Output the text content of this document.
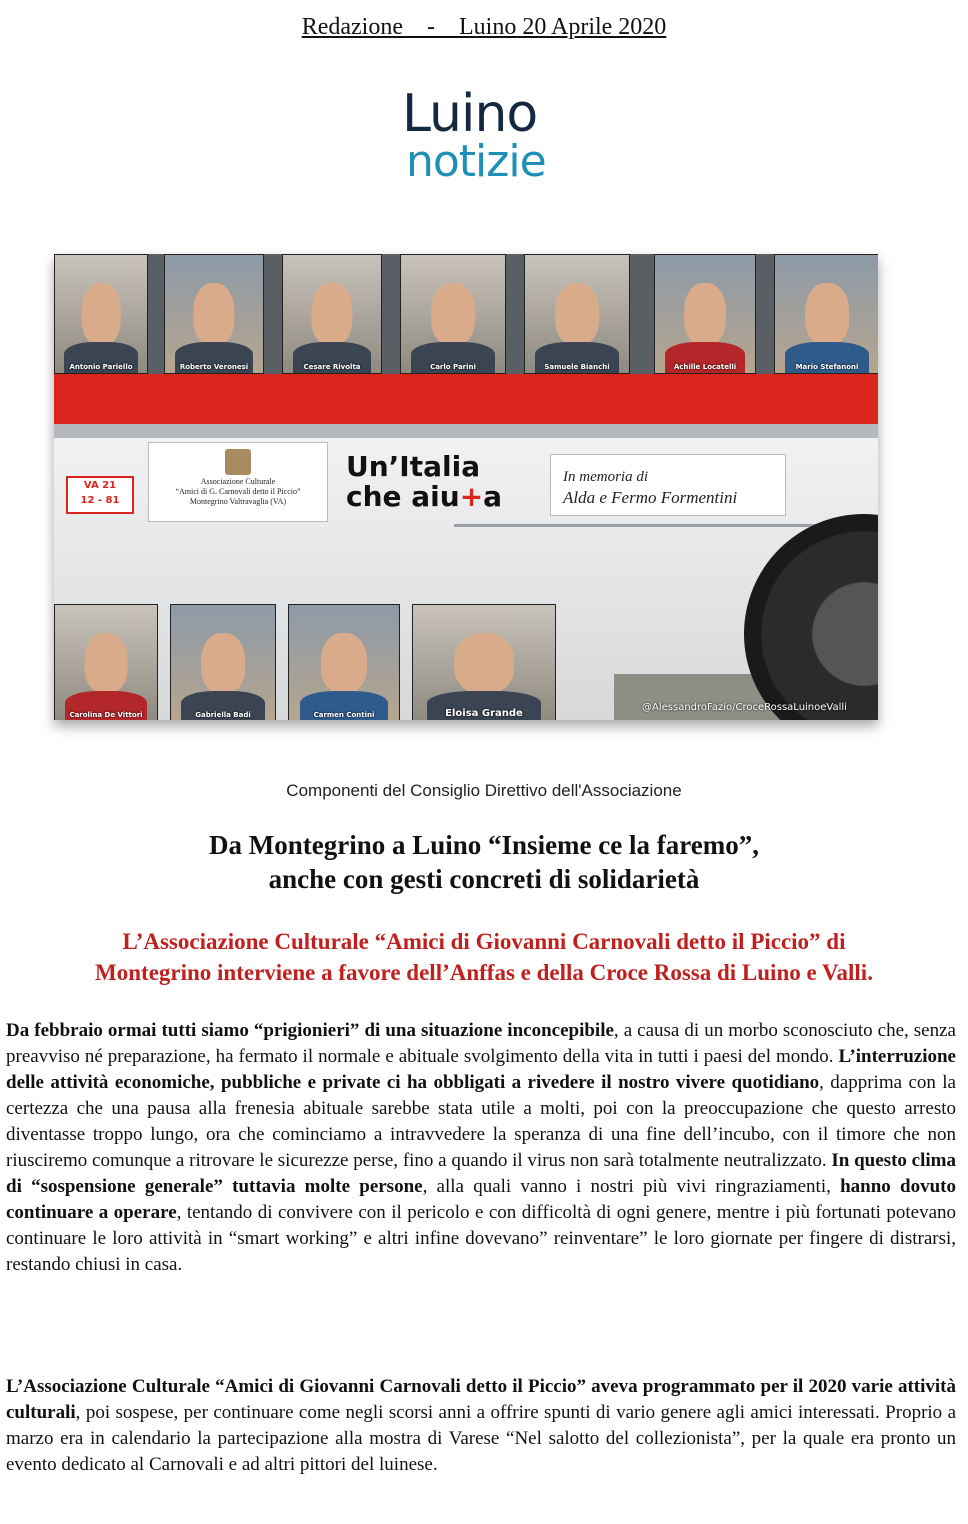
Redazione - Luino 20 Aprile 2020
Luino
notizie
Antonio Pariello	Roberto Veronesi	Cesare Rivolta	Carlo Parini	Samuele Bianchi	Achille Locatelli	Mario Stefanoni
VA 21
12 - 81
Associazione Culturale
“Amici di G. Carnovali detto il Piccio”
Montegrino Valtravaglia (VA)
Un’Italia
che aiu+a
In memoria di
Alda e Fermo Formentini
Carolina De Vittori	Gabriella Badi	Carmen Contini	Eloisa Grande
@AlessandroFazio/CroceRossaLuinoeValli
Componenti del Consiglio Direttivo dell'Associazione
Da Montegrino a Luino “Insieme ce la faremo”,
anche con gesti concreti di solidarietà
L’Associazione Culturale “Amici di Giovanni Carnovali detto il Piccio” di
Montegrino interviene a favore dell’Anffas e della Croce Rossa di Luino e Valli.
Da febbraio ormai tutti siamo “prigionieri” di una situazione inconcepibile, a causa di un morbo sconosciuto che, senza preavviso né preparazione, ha fermato il normale e abituale svolgimento della vita in tutti i paesi del mondo. L’interruzione delle attività economiche, pubbliche e private ci ha obbligati a rivedere il nostro vivere quotidiano, dapprima con la certezza che una pausa alla frenesia abituale sarebbe stata utile a molti, poi con la preoccupazione che questo arresto diventasse troppo lungo, ora che cominciamo a intravvedere la speranza di una fine dell’incubo, con il timore che non riusciremo comunque a ritrovare le sicurezze perse, fino a quando il virus non sarà totalmente neutralizzato. In questo clima di “sospensione generale” tuttavia molte persone, alla quali vanno i nostri più vivi ringraziamenti, hanno dovuto continuare a operare, tentando di convivere con il pericolo e con difficoltà di ogni genere, mentre i più fortunati potevano continuare le loro attività in “smart working” e altri infine dovevano” reinventare” le loro giornate per fingere di distrarsi, restando chiusi in casa.
L’Associazione Culturale “Amici di Giovanni Carnovali detto il Piccio” aveva programmato per il 2020 varie attività culturali, poi sospese, per continuare come negli scorsi anni a offrire spunti di vario genere agli amici interessati. Proprio a marzo era in calendario la partecipazione alla mostra di Varese “Nel salotto del collezionista”, per la quale era pronto un evento dedicato al Carnovali e ad altri pittori del luinese.
